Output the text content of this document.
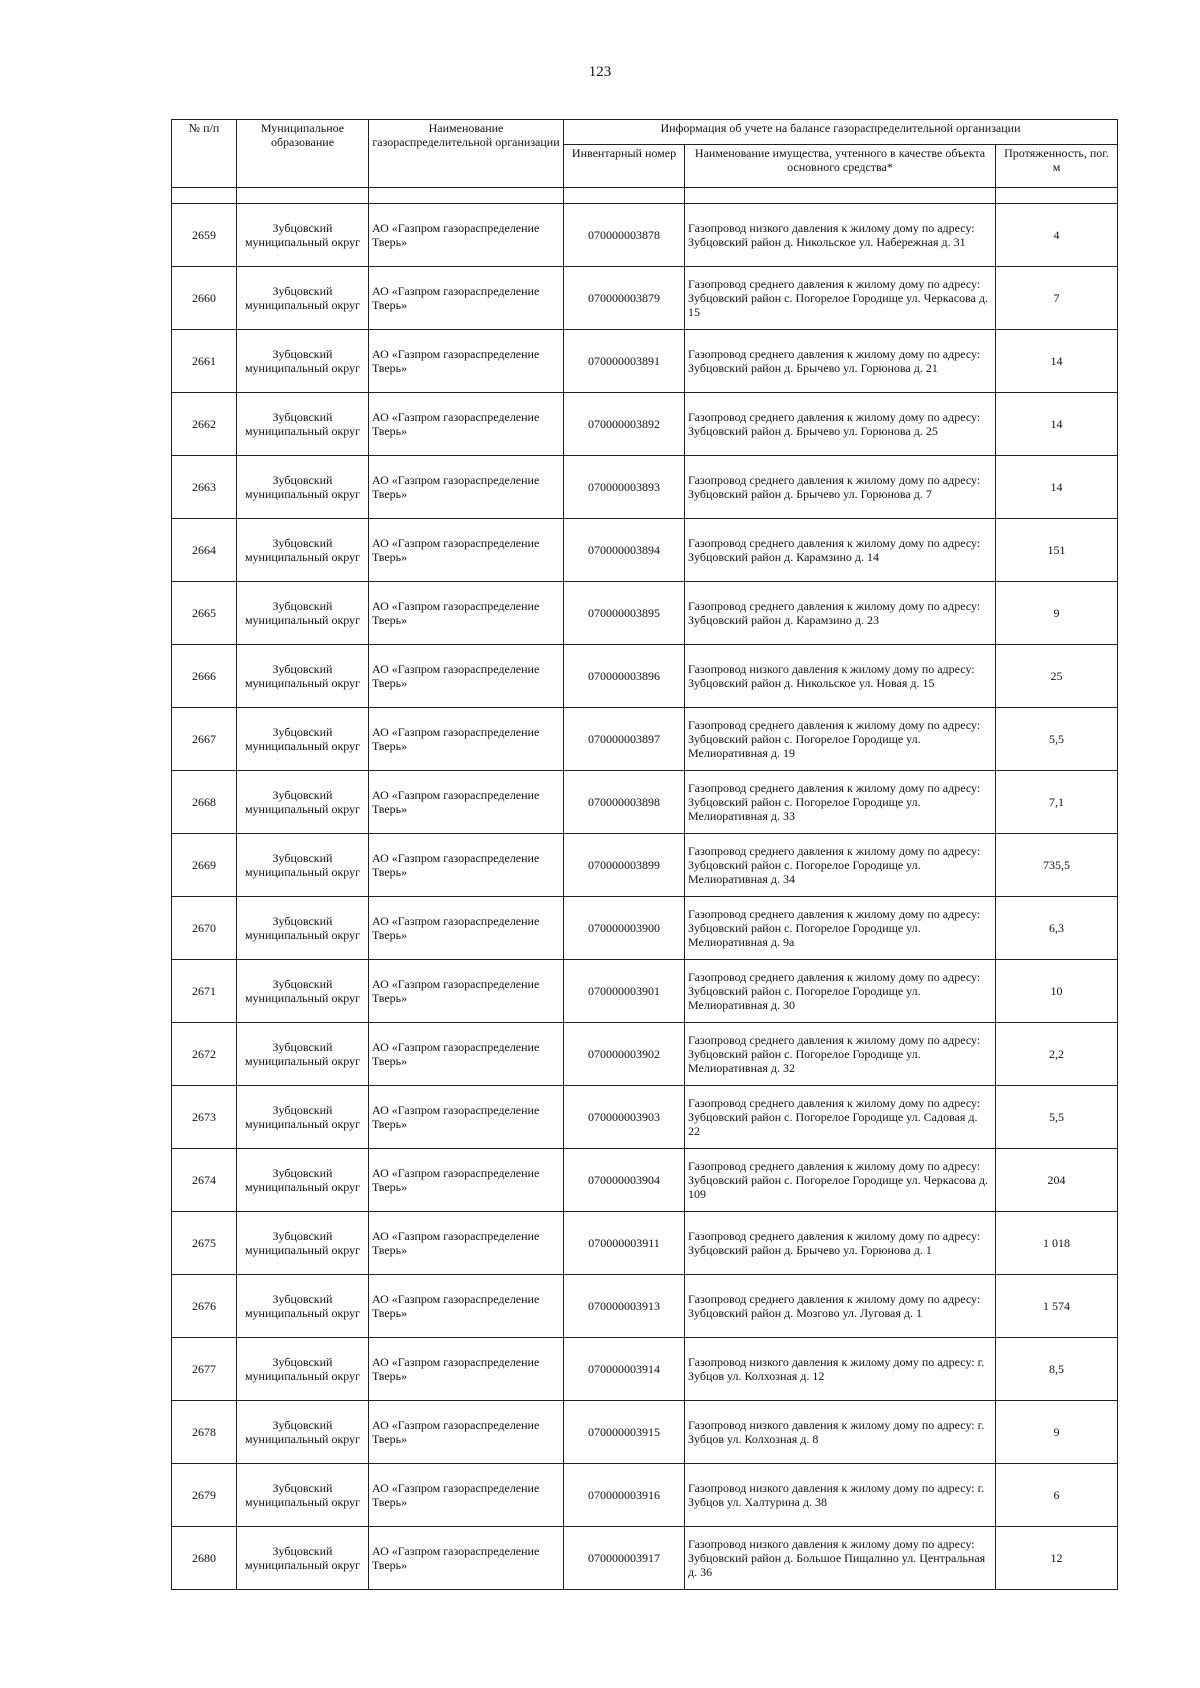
123
№ п/п	Муниципальное образование	Наименование газораспределительной организации	Информация об учете на балансе газораспределительной организации		
			Инвентарный номер	Наименование имущества, учтенного в качестве объекта основного средства*	Протяженность, пог. м

2659	Зубцовский муниципальный округ	АО «Газпром газораспределение Тверь»	070000003878	Газопровод низкого давления к жилому дому по адресу: Зубцовский район д. Никольское ул. Набережная д. 31	4
2660	Зубцовский муниципальный округ	АО «Газпром газораспределение Тверь»	070000003879	Газопровод среднего давления к жилому дому по адресу: Зубцовский район с. Погорелое Городище ул. Черкасова д. 15	7
2661	Зубцовский муниципальный округ	АО «Газпром газораспределение Тверь»	070000003891	Газопровод среднего давления к жилому дому по адресу: Зубцовский район д. Брычево ул. Горюнова д. 21	14
2662	Зубцовский муниципальный округ	АО «Газпром газораспределение Тверь»	070000003892	Газопровод среднего давления к жилому дому по адресу: Зубцовский район д. Брычево ул. Горюнова д. 25	14
2663	Зубцовский муниципальный округ	АО «Газпром газораспределение Тверь»	070000003893	Газопровод среднего давления к жилому дому по адресу: Зубцовский район д. Брычево ул. Горюнова д. 7	14
2664	Зубцовский муниципальный округ	АО «Газпром газораспределение Тверь»	070000003894	Газопровод среднего давления к жилому дому по адресу: Зубцовский район д. Карамзино д. 14	151
2665	Зубцовский муниципальный округ	АО «Газпром газораспределение Тверь»	070000003895	Газопровод среднего давления к жилому дому по адресу: Зубцовский район д. Карамзино д. 23	9
2666	Зубцовский муниципальный округ	АО «Газпром газораспределение Тверь»	070000003896	Газопровод низкого давления к жилому дому по адресу: Зубцовский район д. Никольское ул. Новая д. 15	25
2667	Зубцовский муниципальный округ	АО «Газпром газораспределение Тверь»	070000003897	Газопровод среднего давления к жилому дому по адресу: Зубцовский район с. Погорелое Городище ул. Мелиоративная д. 19	5,5
2668	Зубцовский муниципальный округ	АО «Газпром газораспределение Тверь»	070000003898	Газопровод среднего давления к жилому дому по адресу: Зубцовский район с. Погорелое Городище ул. Мелиоративная д. 33	7,1
2669	Зубцовский муниципальный округ	АО «Газпром газораспределение Тверь»	070000003899	Газопровод среднего давления к жилому дому по адресу: Зубцовский район с. Погорелое Городище ул. Мелиоративная д. 34	735,5
2670	Зубцовский муниципальный округ	АО «Газпром газораспределение Тверь»	070000003900	Газопровод среднего давления к жилому дому по адресу: Зубцовский район с. Погорелое Городище ул. Мелиоративная д. 9а	6,3
2671	Зубцовский муниципальный округ	АО «Газпром газораспределение Тверь»	070000003901	Газопровод среднего давления к жилому дому по адресу: Зубцовский район с. Погорелое Городище ул. Мелиоративная д. 30	10
2672	Зубцовский муниципальный округ	АО «Газпром газораспределение Тверь»	070000003902	Газопровод среднего давления к жилому дому по адресу: Зубцовский район с. Погорелое Городище ул. Мелиоративная д. 32	2,2
2673	Зубцовский муниципальный округ	АО «Газпром газораспределение Тверь»	070000003903	Газопровод среднего давления к жилому дому по адресу: Зубцовский район с. Погорелое Городище ул. Садовая д. 22	5,5
2674	Зубцовский муниципальный округ	АО «Газпром газораспределение Тверь»	070000003904	Газопровод среднего давления к жилому дому по адресу: Зубцовский район с. Погорелое Городище ул. Черкасова д. 109	204
2675	Зубцовский муниципальный округ	АО «Газпром газораспределение Тверь»	070000003911	Газопровод среднего давления к жилому дому по адресу: Зубцовский район д. Брычево ул. Горюнова д. 1	1 018
2676	Зубцовский муниципальный округ	АО «Газпром газораспределение Тверь»	070000003913	Газопровод среднего давления к жилому дому по адресу: Зубцовский район д. Мозгово ул. Луговая д. 1	1 574
2677	Зубцовский муниципальный округ	АО «Газпром газораспределение Тверь»	070000003914	Газопровод низкого давления к жилому дому по адресу: г. Зубцов ул. Колхозная д. 12	8,5
2678	Зубцовский муниципальный округ	АО «Газпром газораспределение Тверь»	070000003915	Газопровод низкого давления к жилому дому по адресу: г. Зубцов ул. Колхозная д. 8	9
2679	Зубцовский муниципальный округ	АО «Газпром газораспределение Тверь»	070000003916	Газопровод низкого давления к жилому дому по адресу: г. Зубцов ул. Халтурина д. 38	6
2680	Зубцовский муниципальный округ	АО «Газпром газораспределение Тверь»	070000003917	Газопровод низкого давления к жилому дому по адресу: Зубцовский район д. Большое Пищалино ул. Центральная д. 36	12
